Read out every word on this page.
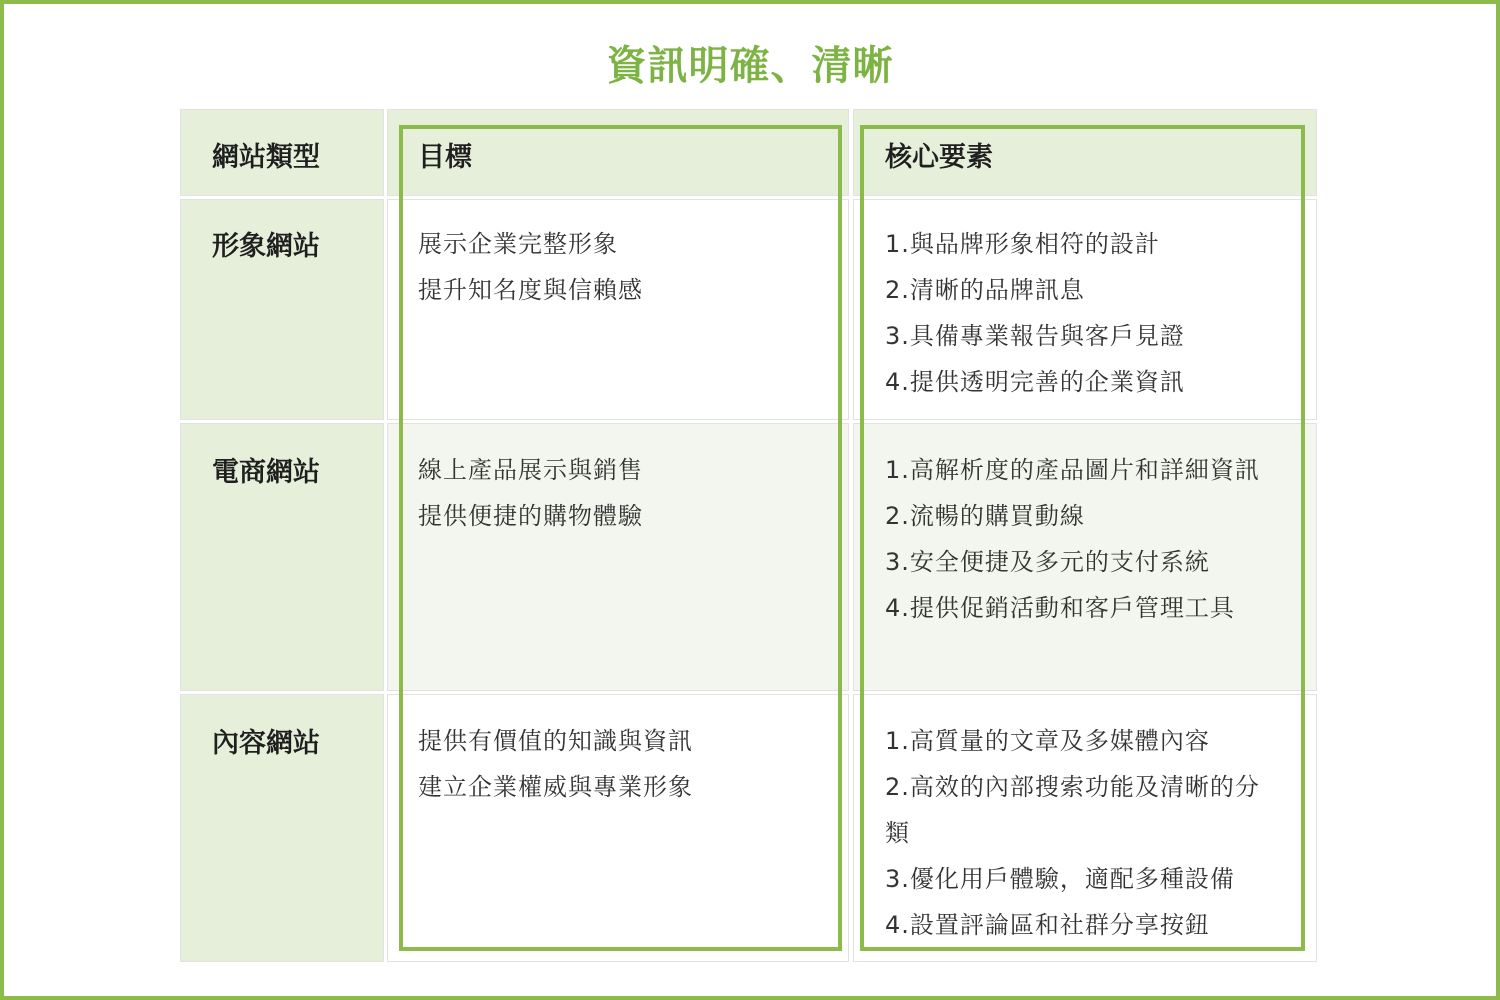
資訊明確、清晰
網站類型	目標	核心要素
形象網站
電商網站
內容網站
展示企業完整形象
提升知名度與信賴感
1.與品牌形象相符的設計
2.清晰的品牌訊息
3.具備專業報告與客戶見證
4.提供透明完善的企業資訊
線上產品展示與銷售
提供便捷的購物體驗
1.高解析度的產品圖片和詳細資訊
2.流暢的購買動線
3.安全便捷及多元的支付系統
4.提供促銷活動和客戶管理工具
提供有價值的知識與資訊
建立企業權威與專業形象
1.高質量的文章及多媒體內容
2.高效的內部搜索功能及清晰的分類
3.優化用戶體驗，適配多種設備
4.設置評論區和社群分享按鈕
